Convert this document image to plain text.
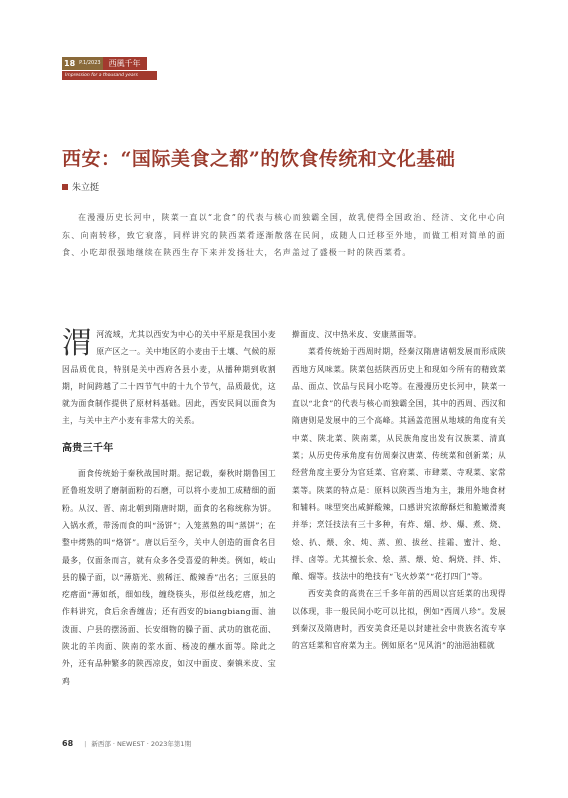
18 P.1/2023	西風千年
Impression for a thousand years
西安：“国际美食之都”的饮食传统和文化基础
朱立挺
在漫漫历史长河中，陕菜一直以“北食”的代表与核心而独霸全国，故乳使得全国政治、经济、文化中心向东、向南转移，致它衰落，同样讲究的陕西菜肴逐渐散落在民间，成随人口迁移至外地，而做工相对简单的面食、小吃却很强地继续在陕西生存下来并发扬壮大，名声盖过了盛极一时的陕西菜肴。

渭河流域，尤其以西安为中心的关中平原是我国小麦原产区之一。关中地区的小麦由于土壤、气候的原因品质优良，特别是关中西府各县小麦，从播种期到收割期，时间跨越了二十四节气中的十九个节气，品质最优，这就为面食制作提供了原材料基础。因此，西安民间以面食为主，与关中主产小麦有非常大的关系。

高贵三千年

面食传统始于秦秋战国时期。据记载，秦秋时期鲁国工匠鲁班发明了磨制面粉的石磨，可以将小麦加工成精细的面粉。从汉、晋、南北朝到隋唐时期，面食的名称统称为饼。入锅水煮，带汤而食的叫“汤饼”；入笼蒸熟的叫“蒸饼”；在整中烤熟的叫“烙饼”。唐以后至今，关中人创造的面食名目最多，仅面条而言，就有众多各受喜爱的种类。例如，岐山县的臊子面，以“薄筋光、煎稀汪、酸辣香”出名；三原县的疙瘩面“薄如纸，细如线，缠绕筷头，形似丝线疙瘩，加之作料讲究，食后余香缠齿；还有西安的biangbiang面、油泼面、户县的摆汤面、长安细物的臊子面、武功的旗花面、陕北的羊肉面、陕南的浆水面、杨凌的蘸水面等。除此之外，还有品种繁多的陕西凉皮，如汉中面皮、秦镇米皮、宝鸡

擀面皮、汉中热米皮、安康蒸面等。

菜肴传统始于西周时期，经秦汉隋唐诸朝发展而形成陕西地方风味菜。陕菜包括陕西历史上和现如今所有的精致菜品、面点、饮品与民间小吃等。在漫漫历史长河中，陕菜一直以“北食”的代表与核心而独霸全国，其中的西周、西汉和隋唐则是发展中的三个高峰。其涵盖范围从地域的角度有关中菜、陕北菜、陕南菜，从民族角度出发有汉族菜、清真菜；从历史传承角度有仿周秦汉唐菜、传统菜和创新菜；从经营角度主要分为官廷菜、官府菜、市肆菜、寺观菜、家常菜等。陕菜的特点是：原料以陕西当地为主，兼用外地食材和辅料。味型突出咸鲜酸辣，口感讲究浓醇酥烂和脆嫩滑爽并举；烹饪技法有三十多种，有炸、熘、炒、爆、煮、烧、烩、扒、煨、氽、炖、蒸、煎、拔丝、挂霜、蜜汁、炝、拌、卤等。尤其擅长氽、烩、蒸、煨、炝、焖烧、拌、炸、酿、熘等。技法中的绝技有“飞火炒菜”“花打四门”等。

西安美食的高贵在三千多年前的西周以宫廷菜的出现得以体现，非一般民间小吃可以比拟，例如“西周八珍”。发展到秦汉及隋唐时，西安美食还是以封建社会中贵族名流专享的宫廷菜和官府菜为主。例如原名“见风消”的油浥油糕就

68 | 新西部 · NEWEST · 2023年第1期
